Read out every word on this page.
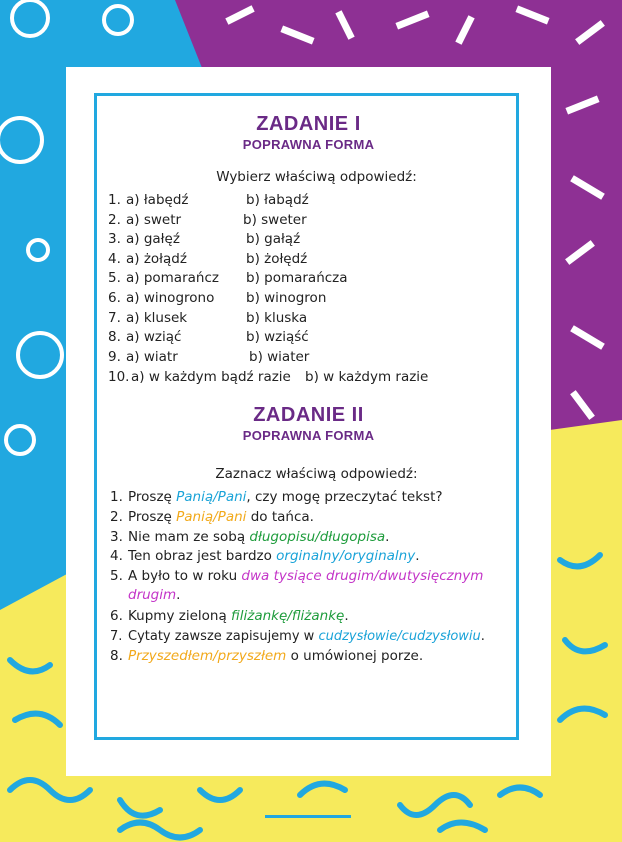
ZADANIE I
POPRAWNA FORMA
Wybierz właściwą odpowiedź:
1. a) łabędź	b) łabądź
2. a) swetr	b) sweter
3. a) gałęź	b) gałąź
4. a) żołądź	b) żołędź
5. a) pomarańcz b) pomarańcza
6. a) winogrono b) winogron
7. a) klusek	b) kluska
8. a) wziąć	b) wziąść
9. a) wiatr	b) wiater
10. a) w każdym bądź razie b) w każdym razie
ZADANIE II
POPRAWNA FORMA
Zaznacz właściwą odpowiedź:
1. Proszę Panią/Pani, czy mogę przeczytać tekst?
2. Proszę Panią/Pani do tańca.
3. Nie mam ze sobą długopisu/długopisa.
4. Ten obraz jest bardzo orginalny/oryginalny.
5. A było to w roku dwa tysiące drugim/dwutysięcznym drugim.
6. Kupmy zieloną filiżankę/fliżankę.
7. Cytaty zawsze zapisujemy w cudzysłowie/cudzysłowiu.
8. Przyszedłem/przyszłem o umówionej porze.
